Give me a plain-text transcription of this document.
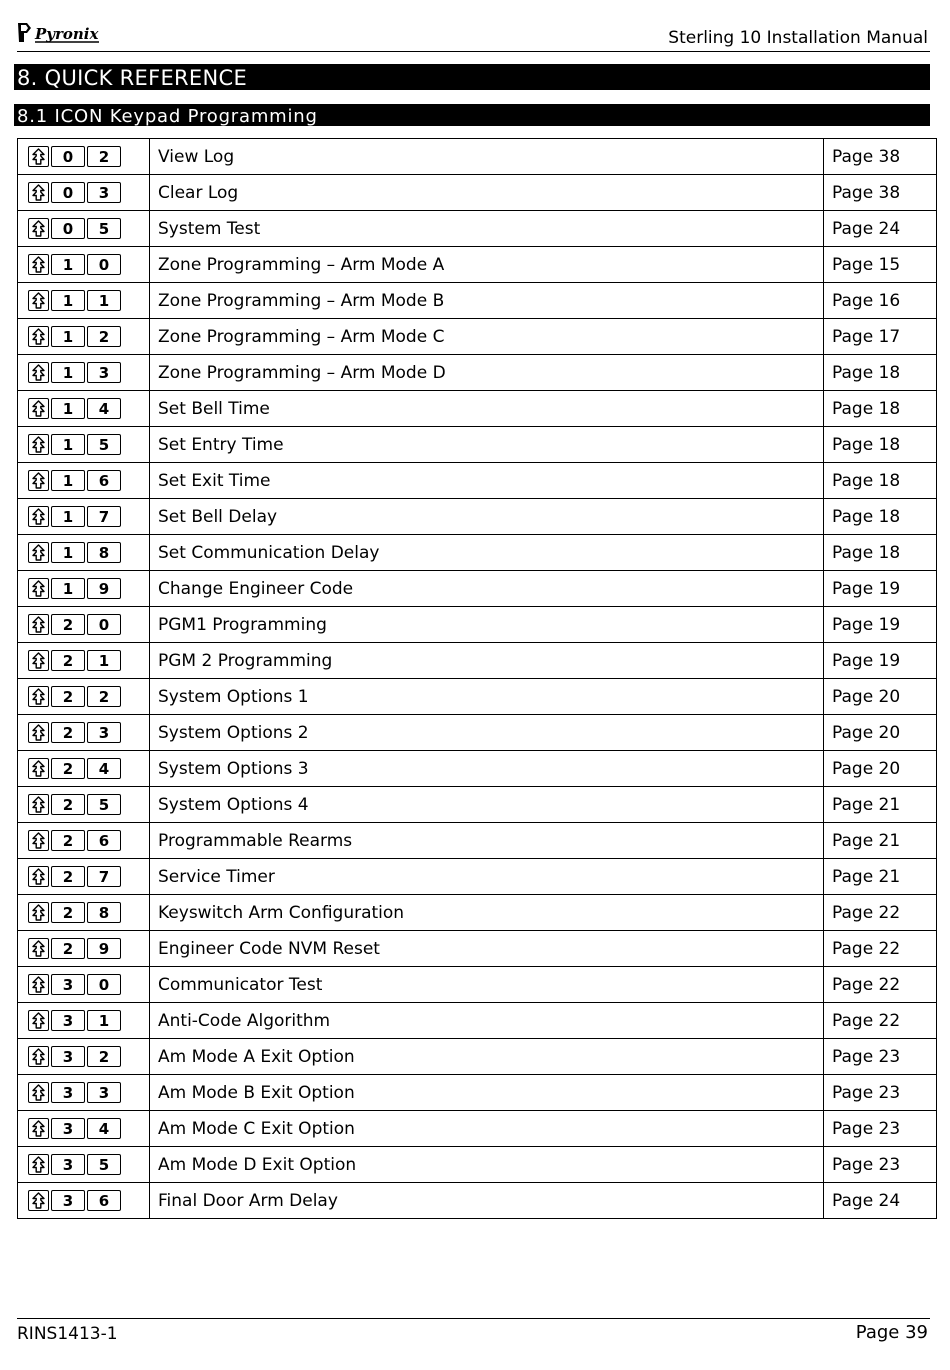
Pyronix	Sterling 10 Installation Manual
8. QUICK REFERENCE
8.1 ICON Keypad Programming
0 2	View Log	Page 38

0 3	Clear Log	Page 38

0 5	System Test	Page 24

1 0	Zone Programming – Arm Mode A	Page 15

1 1	Zone Programming – Arm Mode B	Page 16

1 2	Zone Programming – Arm Mode C	Page 17

1 3	Zone Programming – Arm Mode D	Page 18

1 4	Set Bell Time	Page 18

1 5	Set Entry Time	Page 18

1 6	Set Exit Time	Page 18

1 7	Set Bell Delay	Page 18

1 8	Set Communication Delay	Page 18

1 9	Change Engineer Code	Page 19

2 0	PGM1 Programming	Page 19

2 1	PGM 2 Programming	Page 19

2 2	System Options 1	Page 20

2 3	System Options 2	Page 20

2 4	System Options 3	Page 20

2 5	System Options 4	Page 21

2 6	Programmable Rearms	Page 21

2 7	Service Timer	Page 21

2 8	Keyswitch Arm Configuration	Page 22

2 9	Engineer Code NVM Reset	Page 22

3 0	Communicator Test	Page 22

3 1	Anti-Code Algorithm	Page 22

3 2	Am Mode A Exit Option	Page 23

3 3	Am Mode B Exit Option	Page 23

3 4	Am Mode C Exit Option	Page 23

3 5	Am Mode D Exit Option	Page 23

3 6	Final Door Arm Delay	Page 24
RINS1413-1	Page 39
